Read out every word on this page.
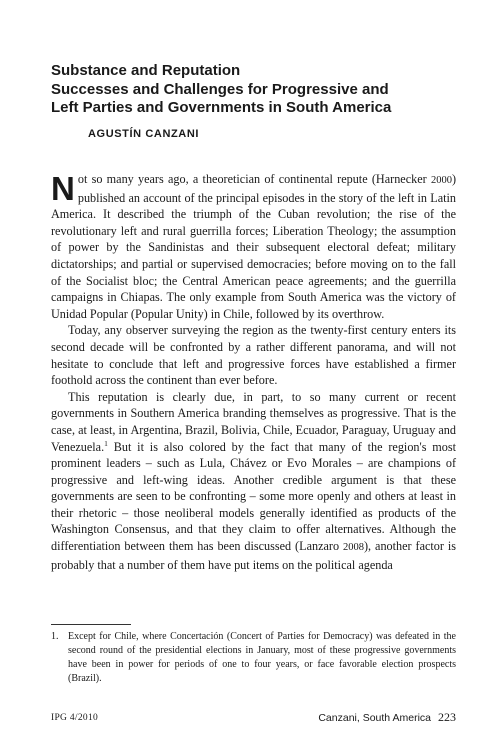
Substance and Reputation
Successes and Challenges for Progressive and
Left Parties and Governments in South America
AGUSTÍN CANZANI

Not so many years ago, a theoretician of continental repute (Harnecker 2000) published an account of the principal episodes in the story of the left in Latin America. It described the triumph of the Cuban revolution; the rise of the revolutionary left and rural guerrilla forces; Liberation Theology; the assumption of power by the Sandinistas and their subsequent electoral defeat; military dictatorships; and partial or supervised democracies; before moving on to the fall of the Socialist bloc; the Central American peace agreements; and the guerrilla campaigns in Chiapas. The only example from South America was the victory of Unidad Popular (Popular Unity) in Chile, followed by its overthrow.

Today, any observer surveying the region as the twenty-first century enters its second decade will be confronted by a rather different panorama, and will not hesitate to conclude that left and progressive forces have established a firmer foothold across the continent than ever before.

This reputation is clearly due, in part, to so many current or recent governments in Southern America branding themselves as progressive. That is the case, at least, in Argentina, Brazil, Bolivia, Chile, Ecuador, Paraguay, Uruguay and Venezuela.$^1$ But it is also colored by the fact that many of the region's most prominent leaders – such as Lula, Chávez or Evo Morales – are champions of progressive and left-wing ideas. Another credible argument is that these governments are seen to be confronting – some more openly and others at least in their rhetoric – those neoliberal models generally identified as products of the Washington Consensus, and that they claim to offer alternatives. Although the differentiation between them has been discussed (Lanzaro 2008), another factor is probably that a number of them have put items on the political agenda

1. Except for Chile, where Concertación (Concert of Parties for Democracy) was defeated in the second round of the presidential elections in January, most of these progressive governments have been in power for periods of one to four years, or face favorable election prospects (Brazil).

IPG 4/2010	Canzani, South America 223
